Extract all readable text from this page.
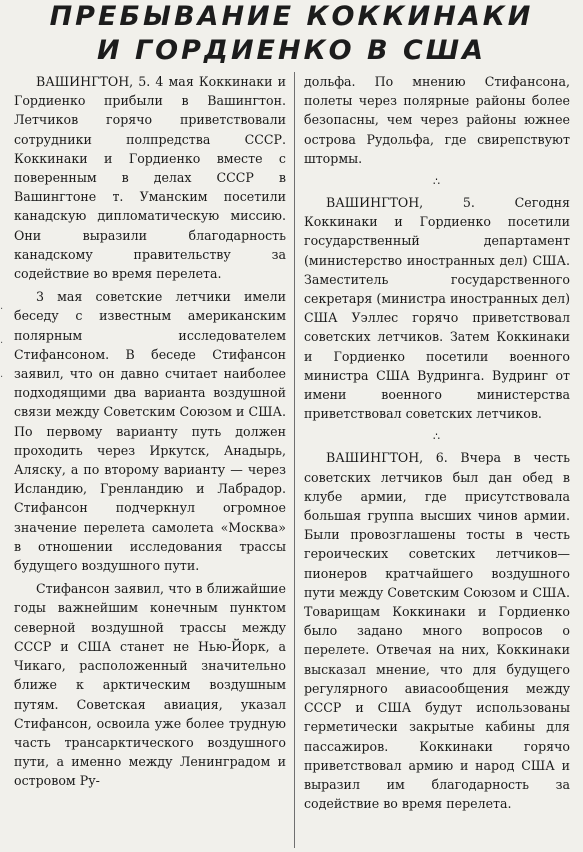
ПРЕБЫВАНИЕ КОККИНАКИ
И ГОРДИЕНКО В США
.
.
.

ВАШИНГТОН, 5. 4 мая Коккинаки и Гордиенко прибыли в Вашингтон. Летчиков горячо приветствовали сотрудники полпредства СССР. Коккинаки и Гордиенко вместе с поверенным в делах СССР в Вашингтоне т. Уманским посетили канадскую дипломатическую миссию. Они выразили благодарность канадскому правительству за содействие во время перелета.

3 мая советские летчики имели беседу с известным американским полярным исследователем Стифансоном. В беседе Стифансон заявил, что он давно считает наиболее подходящими два варианта воздушной связи между Советским Союзом и США. По первому варианту путь должен проходить через Иркутск, Анадырь, Аляску, а по второму варианту — через Исландию, Гренландию и Лабрадор. Стифансон подчеркнул огромное значение перелета самолета «Москва» в отношении исследования трассы будущего воздушного пути.

Стифансон заявил, что в ближайшие годы важнейшим конечным пунктом северной воздушной трассы между СССР и США станет не Нью-Йорк, а Чикаго, расположенный значительно ближе к арктическим воздушным путям. Советская авиация, указал Стифансон, освоила уже более трудную часть трансарктического воздушного пути, а именно между Ленинградом и островом Ру-

дольфа. По мнению Стифансона, полеты через полярные районы более безопасны, чем через районы южнее острова Рудольфа, где свирепствуют штормы.

∴

ВАШИНГТОН, 5. Сегодня Коккинаки и Гордиенко посетили государственный департамент (министерство иностранных дел) США. Заместитель государственного секретаря (министра иностранных дел) США Уэллес горячо приветствовал советских летчиков. Затем Коккинаки и Гордиенко посетили военного министра США Вудринга. Вудринг от имени военного министерства приветствовал советских летчиков.

∴

ВАШИНГТОН, 6. Вчера в честь советских летчиков был дан обед в клубе армии, где присутствовала большая группа высших чинов армии. Были провозглашены тосты в честь героических советских летчиков—пионеров кратчайшего воздушного пути между Советским Союзом и США. Товарищам Коккинаки и Гордиенко было задано много вопросов о перелете. Отвечая на них, Коккинаки высказал мнение, что для будущего регулярного авиасообщения между СССР и США будут использованы герметически закрытые кабины для пассажиров. Коккинаки горячо приветствовал армию и народ США и выразил им благодарность за содействие во время перелета.
